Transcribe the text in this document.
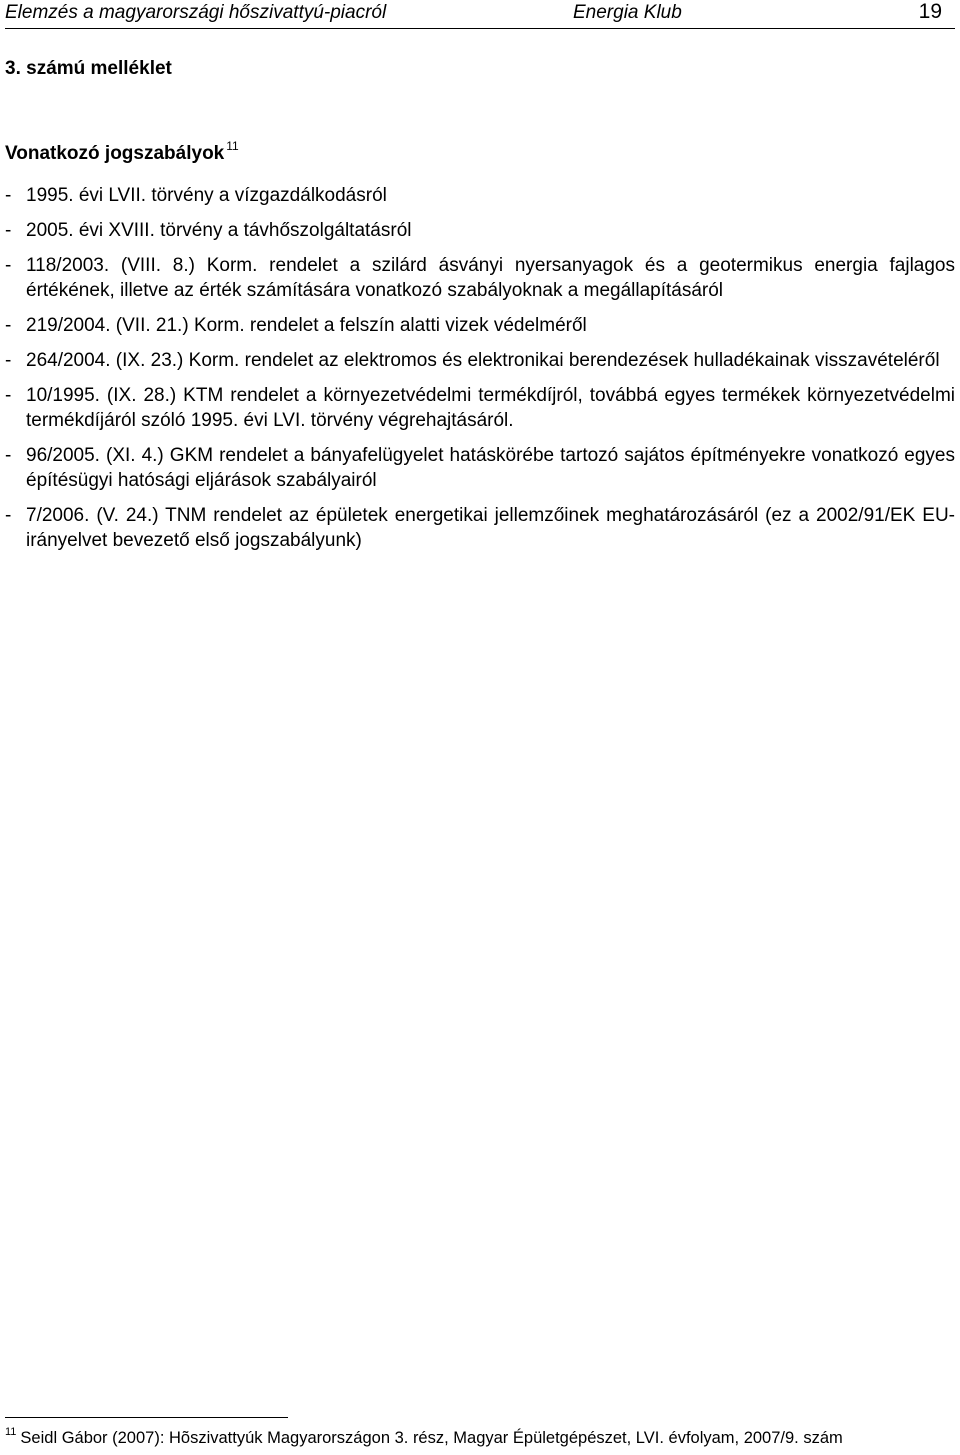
Elemzés a magyarországi hőszivattyú-piacról	Energia Klub	19
3. számú melléklet
Vonatkozó jogszabályok $^{11}$
- 1995. évi LVII. törvény a vízgazdálkodásról
- 2005. évi XVIII. törvény a távhőszolgáltatásról
- 118/2003. (VIII. 8.) Korm. rendelet a szilárd ásványi nyersanyagok és a geotermikus energia fajlagos értékének, illetve az érték számítására vonatkozó szabályoknak a megállapításáról
- 219/2004. (VII. 21.) Korm. rendelet a felszín alatti vizek védelméről
- 264/2004. (IX. 23.) Korm. rendelet az elektromos és elektronikai berendezések hulladékainak visszavételéről
- 10/1995. (IX. 28.) KTM rendelet a környezetvédelmi termékdíjról, továbbá egyes termékek környezetvédelmi termékdíjáról szóló 1995. évi LVI. törvény végrehajtásáról.
- 96/2005. (XI. 4.) GKM rendelet a bányafelügyelet hatáskörébe tartozó sajátos építményekre vonatkozó egyes építésügyi hatósági eljárások szabályairól
- 7/2006. (V. 24.) TNM rendelet az épületek energetikai jellemzőinek meghatározásáról (ez a 2002/91/EK EU-irányelvet bevezető első jogszabályunk)
$^{11}$ Seidl Gábor (2007): Hõszivattyúk Magyarországon 3. rész, Magyar Épületgépészet, LVI. évfolyam, 2007/9. szám
